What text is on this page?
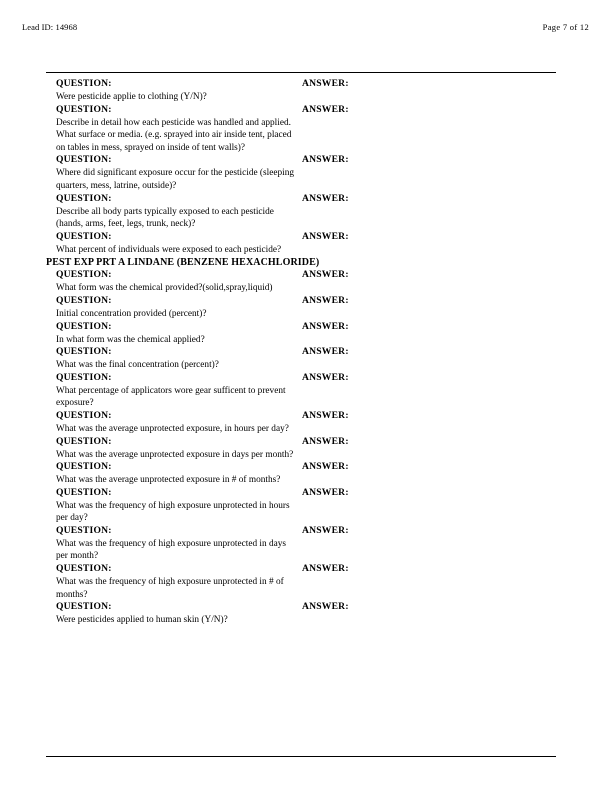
Lead ID: 14968	Page 7 of 12
QUESTION:	ANSWER:
Were pesticide applie to clothing (Y/N)?
QUESTION:	ANSWER:
Describe in detail how each pesticide was handled and applied. What surface or media. (e.g. sprayed into air inside tent, placed on tables in mess, sprayed on inside of tent walls)?
QUESTION:	ANSWER:
Where did significant exposure occur for the pesticide (sleeping quarters, mess, latrine, outside)?
QUESTION:	ANSWER:
Describe all body parts typically exposed to each pesticide (hands, arms, feet, legs, trunk, neck)?
QUESTION:	ANSWER:
What percent of individuals were exposed to each pesticide?
PEST EXP PRT A LINDANE (BENZENE HEXACHLORIDE)
QUESTION:	ANSWER:
What form was the chemical provided?(solid,spray,liquid)
QUESTION:	ANSWER:
Initial concentration provided (percent)?
QUESTION:	ANSWER:
In what form was the chemical applied?
QUESTION:	ANSWER:
What was the final concentration (percent)?
QUESTION:	ANSWER:
What percentage of applicators wore gear sufficent to prevent exposure?
QUESTION:	ANSWER:
What was the average unprotected exposure, in hours per day?
QUESTION:	ANSWER:
What was the average unprotected exposure in days per month?
QUESTION:	ANSWER:
What was the average unprotected exposure in # of months?
QUESTION:	ANSWER:
What was the frequency of high exposure unprotected in hours per day?
QUESTION:	ANSWER:
What was the frequency of high exposure unprotected in days per month?
QUESTION:	ANSWER:
What was the frequency of high exposure unprotected in # of months?
QUESTION:	ANSWER:
Were pesticides applied to human skin (Y/N)?
